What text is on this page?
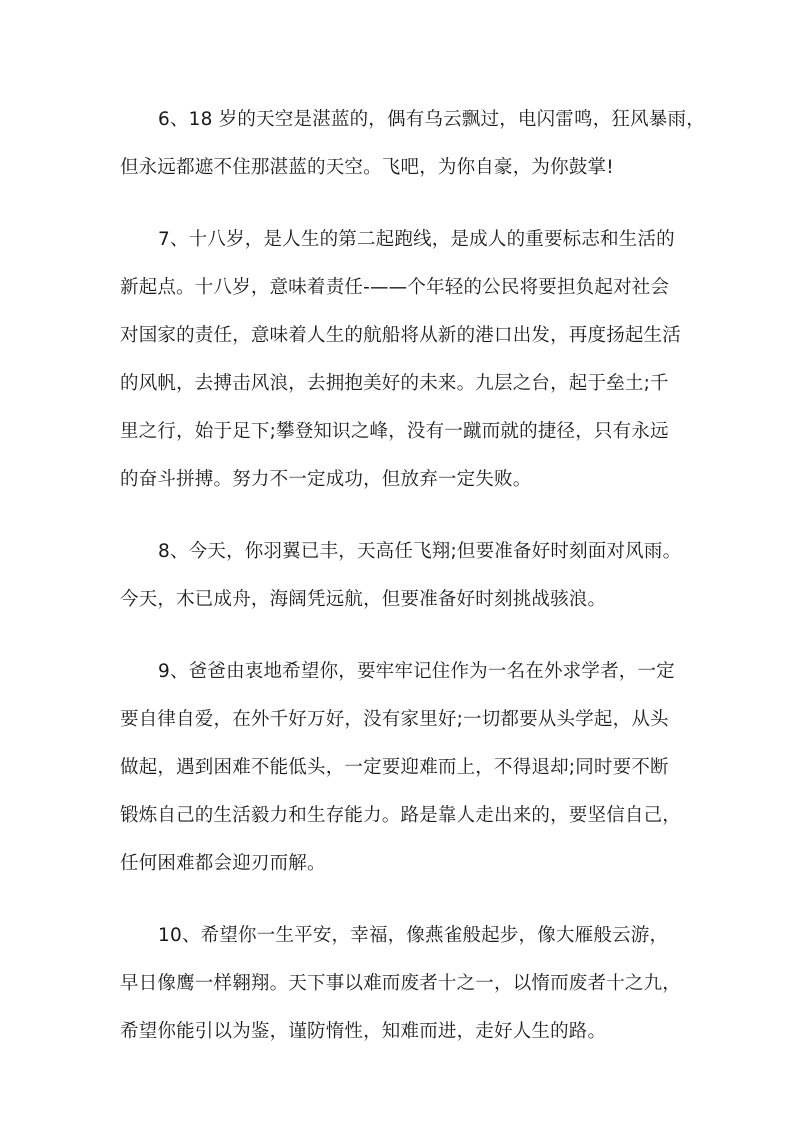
6、18 岁的天空是湛蓝的，偶有乌云飘过，电闪雷鸣，狂风暴雨，
但永远都遮不住那湛蓝的天空。飞吧，为你自豪，为你鼓掌!
7、十八岁，是人生的第二起跑线，是成人的重要标志和生活的
新起点。十八岁，意味着责任-——个年轻的公民将要担负起对社会
对国家的责任，意味着人生的航船将从新的港口出发，再度扬起生活
的风帆，去搏击风浪，去拥抱美好的未来。九层之台，起于垒土;千
里之行，始于足下;攀登知识之峰，没有一蹴而就的捷径，只有永远
的奋斗拼搏。努力不一定成功，但放弃一定失败。
8、今天，你羽翼已丰，天高任飞翔;但要准备好时刻面对风雨。
今天，木已成舟，海阔凭远航，但要准备好时刻挑战骇浪。
9、爸爸由衷地希望你，要牢牢记住作为一名在外求学者，一定
要自律自爱，在外千好万好，没有家里好;一切都要从头学起，从头
做起，遇到困难不能低头，一定要迎难而上，不得退却;同时要不断
锻炼自己的生活毅力和生存能力。路是靠人走出来的，要坚信自己，
任何困难都会迎刃而解。
10、希望你一生平安，幸福，像燕雀般起步，像大雁般云游，
早日像鹰一样翱翔。天下事以难而废者十之一，以惰而废者十之九，
希望你能引以为鉴，谨防惰性，知难而进，走好人生的路。
